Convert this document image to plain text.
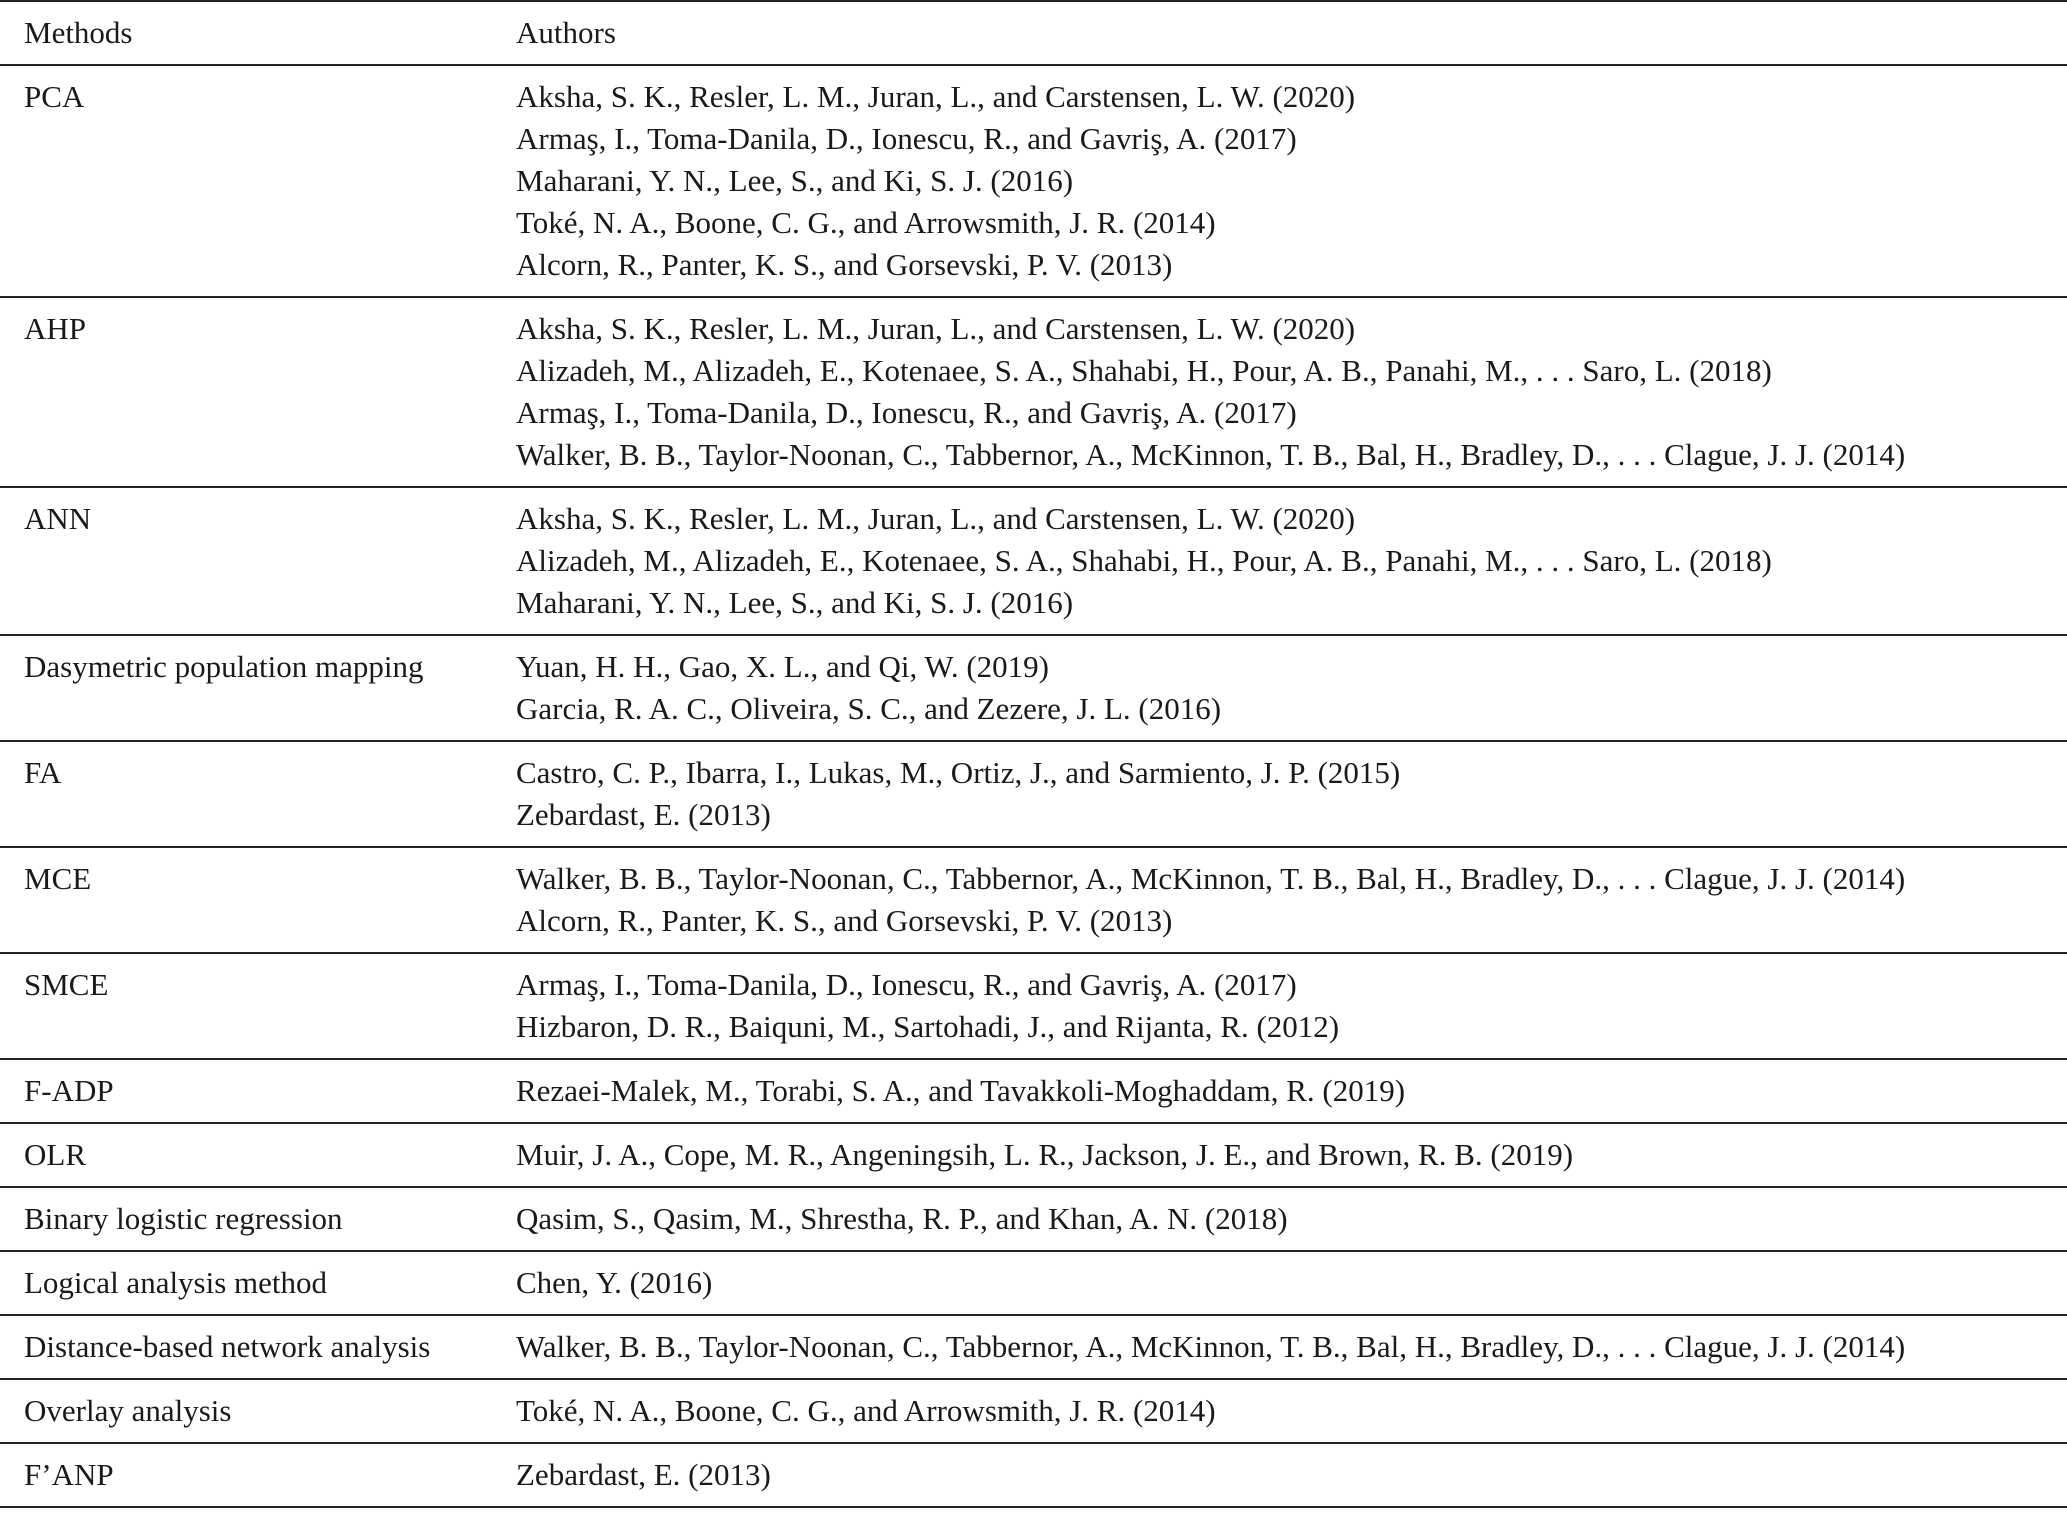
Methods	Authors
PCA	Aksha, S. K., Resler, L. M., Juran, L., and Carstensen, L. W. (2020)
Armaş, I., Toma-Danila, D., Ionescu, R., and Gavriş, A. (2017)
Maharani, Y. N., Lee, S., and Ki, S. J. (2016)
Toké, N. A., Boone, C. G., and Arrowsmith, J. R. (2014)
Alcorn, R., Panter, K. S., and Gorsevski, P. V. (2013)
AHP	Aksha, S. K., Resler, L. M., Juran, L., and Carstensen, L. W. (2020)
Alizadeh, M., Alizadeh, E., Kotenaee, S. A., Shahabi, H., Pour, A. B., Panahi, M., . . . Saro, L. (2018)
Armaş, I., Toma-Danila, D., Ionescu, R., and Gavriş, A. (2017)
Walker, B. B., Taylor-Noonan, C., Tabbernor, A., McKinnon, T. B., Bal, H., Bradley, D., . . . Clague, J. J. (2014)
ANN	Aksha, S. K., Resler, L. M., Juran, L., and Carstensen, L. W. (2020)
Alizadeh, M., Alizadeh, E., Kotenaee, S. A., Shahabi, H., Pour, A. B., Panahi, M., . . . Saro, L. (2018)
Maharani, Y. N., Lee, S., and Ki, S. J. (2016)
Dasymetric population mapping	Yuan, H. H., Gao, X. L., and Qi, W. (2019)
Garcia, R. A. C., Oliveira, S. C., and Zezere, J. L. (2016)
FA	Castro, C. P., Ibarra, I., Lukas, M., Ortiz, J., and Sarmiento, J. P. (2015)
Zebardast, E. (2013)
MCE	Walker, B. B., Taylor-Noonan, C., Tabbernor, A., McKinnon, T. B., Bal, H., Bradley, D., . . . Clague, J. J. (2014)
Alcorn, R., Panter, K. S., and Gorsevski, P. V. (2013)
SMCE	Armaş, I., Toma-Danila, D., Ionescu, R., and Gavriş, A. (2017)
Hizbaron, D. R., Baiquni, M., Sartohadi, J., and Rijanta, R. (2012)
F-ADP	Rezaei-Malek, M., Torabi, S. A., and Tavakkoli-Moghaddam, R. (2019)
OLR	Muir, J. A., Cope, M. R., Angeningsih, L. R., Jackson, J. E., and Brown, R. B. (2019)
Binary logistic regression	Qasim, S., Qasim, M., Shrestha, R. P., and Khan, A. N. (2018)
Logical analysis method	Chen, Y. (2016)
Distance-based network analysis	Walker, B. B., Taylor-Noonan, C., Tabbernor, A., McKinnon, T. B., Bal, H., Bradley, D., . . . Clague, J. J. (2014)
Overlay analysis	Toké, N. A., Boone, C. G., and Arrowsmith, J. R. (2014)
F’ANP	Zebardast, E. (2013)
